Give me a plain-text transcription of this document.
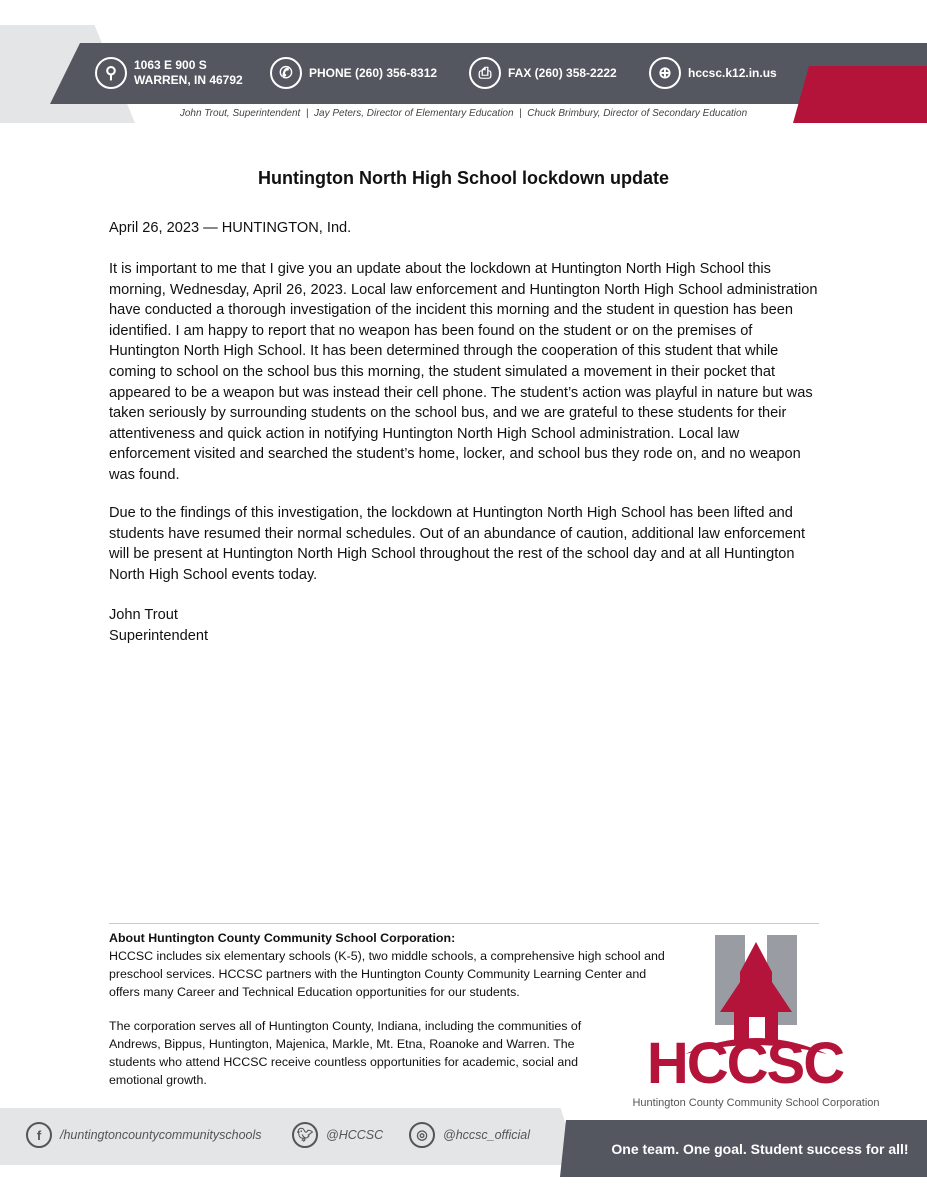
⚲	1063 E 900 S
WARREN, IN 46792	✆	PHONE (260) 356-8312	⎙	FAX (260) 358-2222	⊕	hccsc.k12.in.us
John Trout, Superintendent  |  Jay Peters, Director of Elementary Education  |  Chuck Brimbury, Director of Secondary Education
Huntington North High School lockdown update
April 26, 2023 — HUNTINGTON, Ind.
It is important to me that I give you an update about the lockdown at Huntington North High School this morning, Wednesday, April 26, 2023. Local law enforcement and Huntington North High School administration have conducted a thorough investigation of the incident this morning and the student in question has been identified. I am happy to report that no weapon has been found on the student or on the premises of Huntington North High School. It has been determined through the cooperation of this student that while coming to school on the school bus this morning, the student simulated a movement in their pocket that appeared to be a weapon but was instead their cell phone. The student’s action was playful in nature but was taken seriously by surrounding students on the school bus, and we are grateful to these students for their attentiveness and quick action in notifying Huntington North High School administration. Local law enforcement visited and searched the student’s home, locker, and school bus they rode on, and no weapon was found.
Due to the findings of this investigation, the lockdown at Huntington North High School has been lifted and students have resumed their normal schedules. Out of an abundance of caution, additional law enforcement will be present at Huntington North High School throughout the rest of the school day and at all Huntington North High School events today.
John Trout
Superintendent
About Huntington County Community School Corporation:
HCCSC includes six elementary schools (K-5), two middle schools, a comprehensive high school and preschool services. HCCSC partners with the Huntington County Community Learning Center and offers many Career and Technical Education opportunities for our students.
The corporation serves all of Huntington County, Indiana, including the communities of Andrews, Bippus, Huntington, Majenica, Markle, Mt. Etna, Roanoke and Warren. The students who attend HCCSC receive countless opportunities for academic, social and emotional growth.	HCCSC
Huntington County Community School Corporation
f	/huntingtoncountycommunityschools	🐦︎	@HCCSC	◎	@hccsc_official
One team. One goal. Student success for all!
